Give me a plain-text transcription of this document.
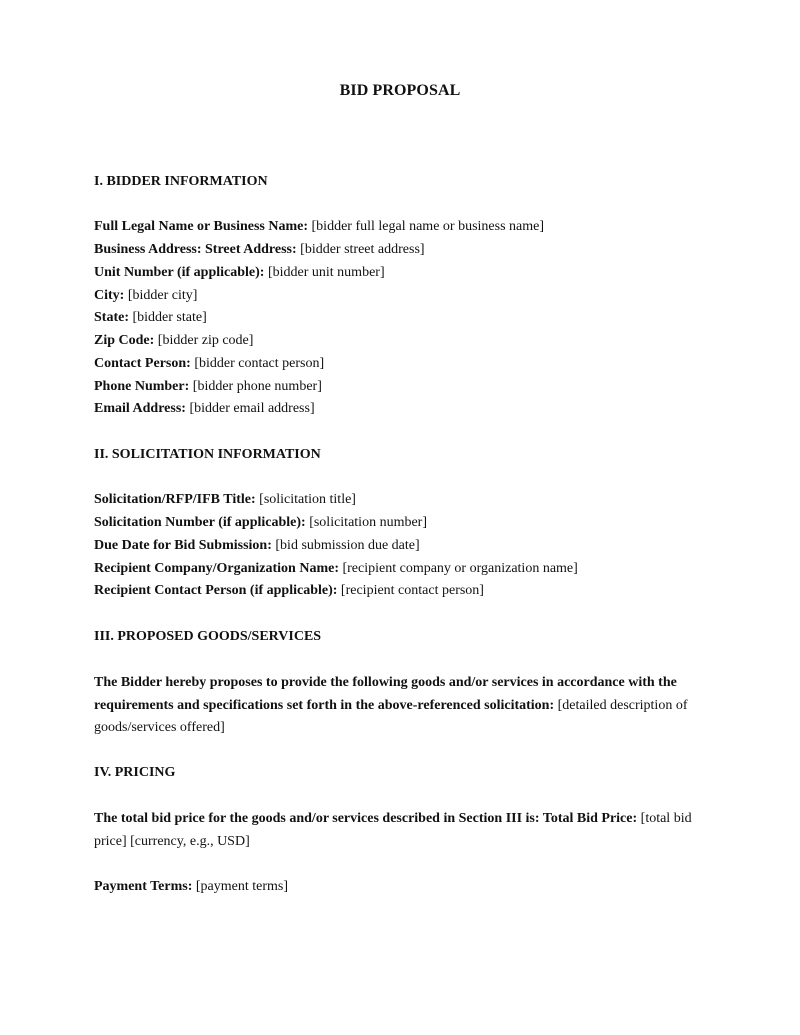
BID PROPOSAL
I. BIDDER INFORMATION
Full Legal Name or Business Name: [bidder full legal name or business name]
Business Address: Street Address: [bidder street address]
Unit Number (if applicable): [bidder unit number]
City: [bidder city]
State: [bidder state]
Zip Code: [bidder zip code]
Contact Person: [bidder contact person]
Phone Number: [bidder phone number]
Email Address: [bidder email address]
II. SOLICITATION INFORMATION
Solicitation/RFP/IFB Title: [solicitation title]
Solicitation Number (if applicable): [solicitation number]
Due Date for Bid Submission: [bid submission due date]
Recipient Company/Organization Name: [recipient company or organization name]
Recipient Contact Person (if applicable): [recipient contact person]
III. PROPOSED GOODS/SERVICES
The Bidder hereby proposes to provide the following goods and/or services in accordance with the requirements and specifications set forth in the above-referenced solicitation: [detailed description of goods/services offered]
IV. PRICING
The total bid price for the goods and/or services described in Section III is: Total Bid Price: [total bid price] [currency, e.g., USD]
Payment Terms: [payment terms]
